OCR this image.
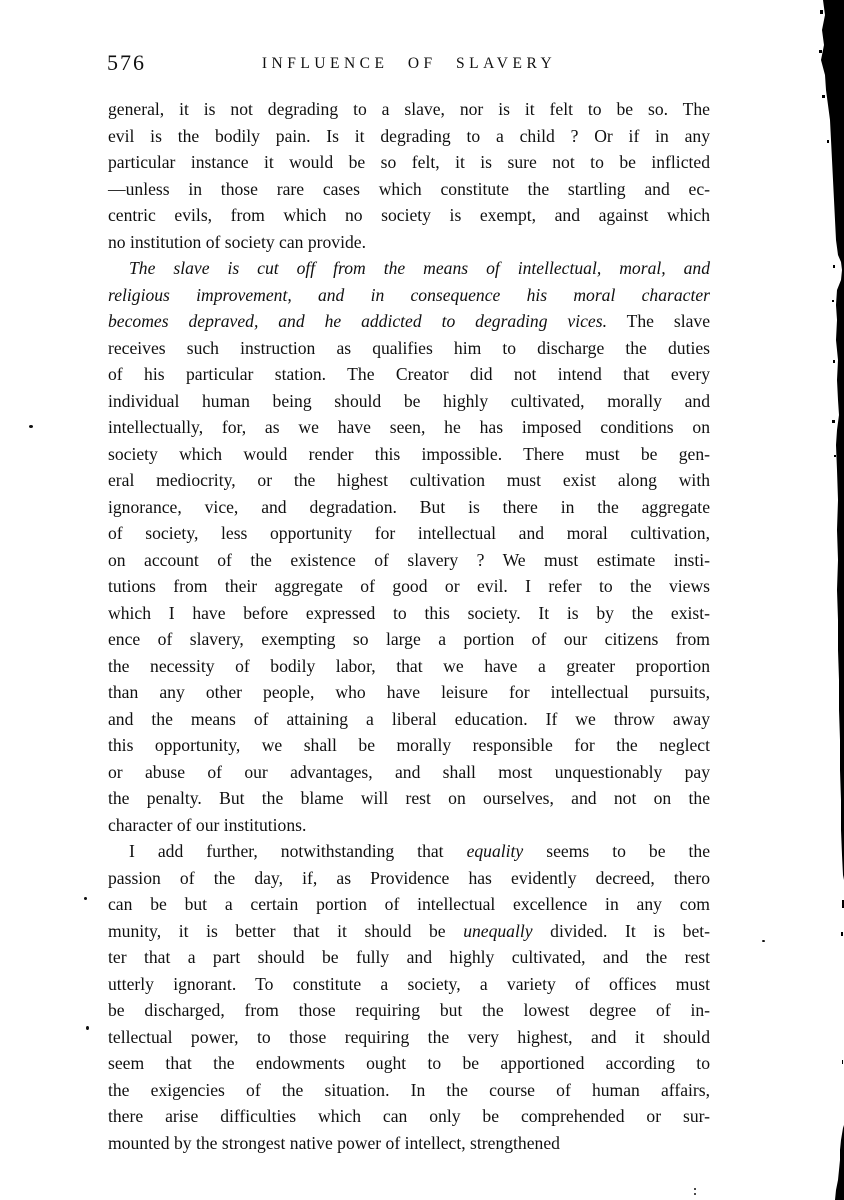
576	INFLUENCE OF SLAVERY
general, it is not degrading to a slave, nor is it felt to be so. The
evil is the bodily pain. Is it degrading to a child ? Or if in any
particular instance it would be so felt, it is sure not to be inflicted
—unless in those rare cases which constitute the startling and ec-
centric evils, from which no society is exempt, and against which
no institution of society can provide.
The slave is cut off from the means of intellectual, moral, and
religious improvement, and in consequence his moral character
becomes depraved, and he addicted to degrading vices. The slave
receives such instruction as qualifies him to discharge the duties
of his particular station. The Creator did not intend that every
individual human being should be highly cultivated, morally and
intellectually, for, as we have seen, he has imposed conditions on
society which would render this impossible. There must be gen-
eral mediocrity, or the highest cultivation must exist along with
ignorance, vice, and degradation. But is there in the aggregate
of society, less opportunity for intellectual and moral cultivation,
on account of the existence of slavery ? We must estimate insti-
tutions from their aggregate of good or evil. I refer to the views
which I have before expressed to this society. It is by the exist-
ence of slavery, exempting so large a portion of our citizens from
the necessity of bodily labor, that we have a greater proportion
than any other people, who have leisure for intellectual pursuits,
and the means of attaining a liberal education. If we throw away
this opportunity, we shall be morally responsible for the neglect
or abuse of our advantages, and shall most unquestionably pay
the penalty. But the blame will rest on ourselves, and not on the
character of our institutions.
I add further, notwithstanding that equality seems to be the
passion of the day, if, as Providence has evidently decreed, thero
can be but a certain portion of intellectual excellence in any com
munity, it is better that it should be unequally divided. It is bet-
ter that a part should be fully and highly cultivated, and the rest
utterly ignorant. To constitute a society, a variety of offices must
be discharged, from those requiring but the lowest degree of in-
tellectual power, to those requiring the very highest, and it should
seem that the endowments ought to be apportioned according to
the exigencies of the situation. In the course of human affairs,
there arise difficulties which can only be comprehended or sur-
mounted by the strongest native power of intellect, strengthened
